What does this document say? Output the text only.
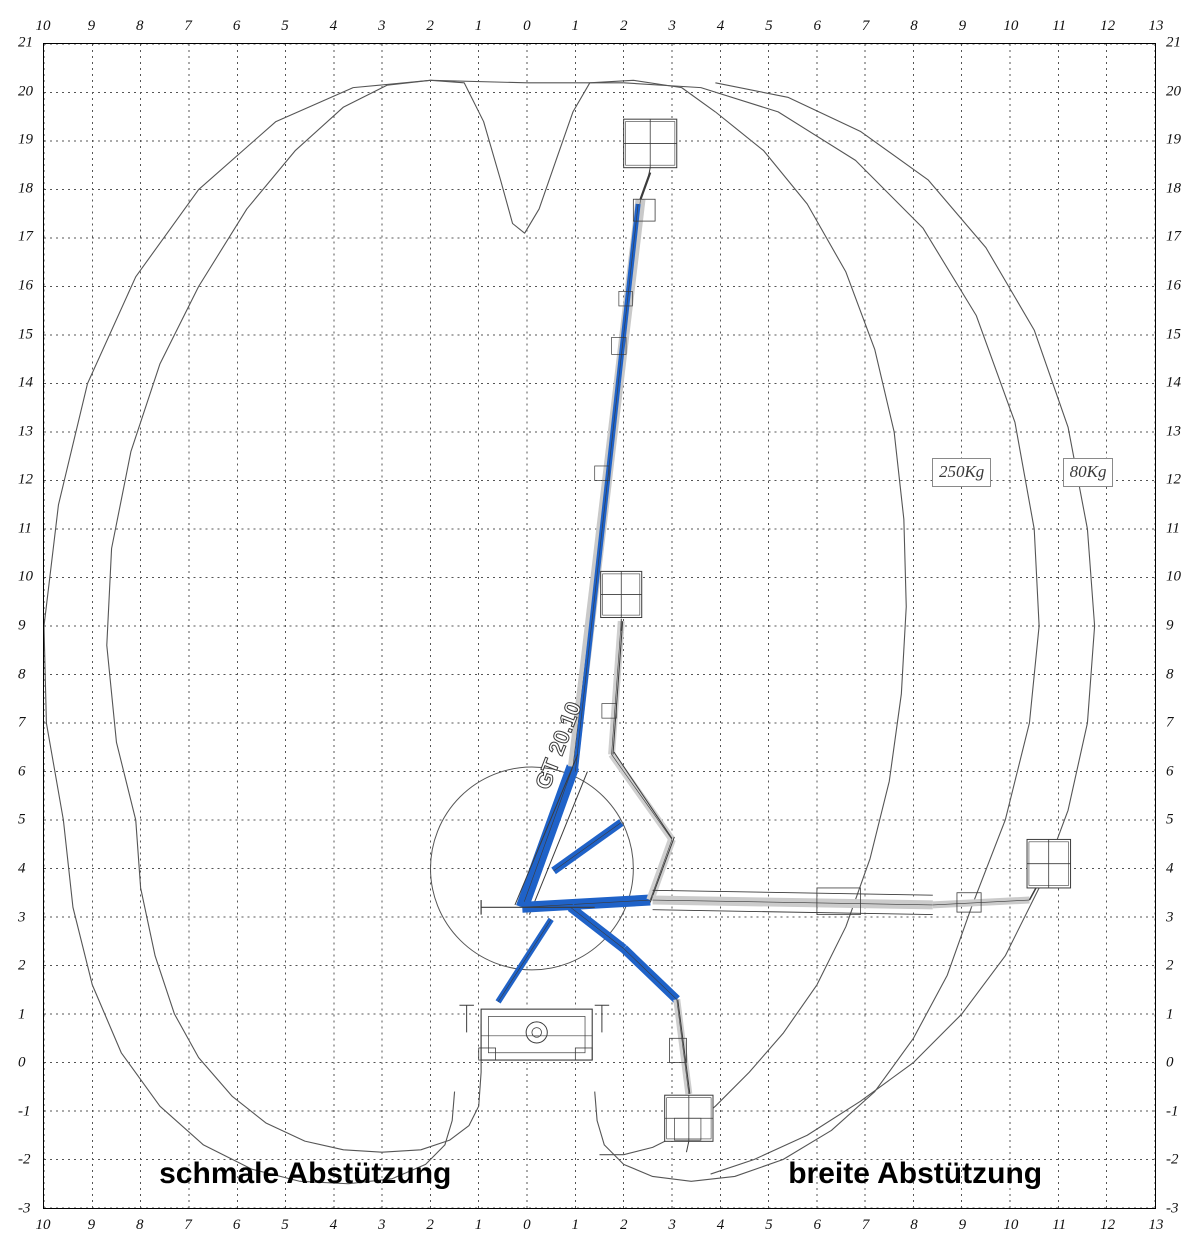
10 9	8	7	6	5	4	3	2	1	0	1	2	3	4	5	6	7	8	9 10 11 12 13
10 9	8	7	6	5	4	3	2	1	0	1	2	3	4	5	6	7	8	9 10 11 12 13
21
20
19
18
17
16
15
14
13
12
11
10
9
8
7
6
5
4
3
2
1
0
-1
-2
-3
21
20
19
18
17
16
15
14
13
12
11
10
9
8
7
6
5
4
3
2
1
0
-1
-2
-3
GT 20.10
250Kg	80Kg
schmale Abstützung	breite Abstützung
